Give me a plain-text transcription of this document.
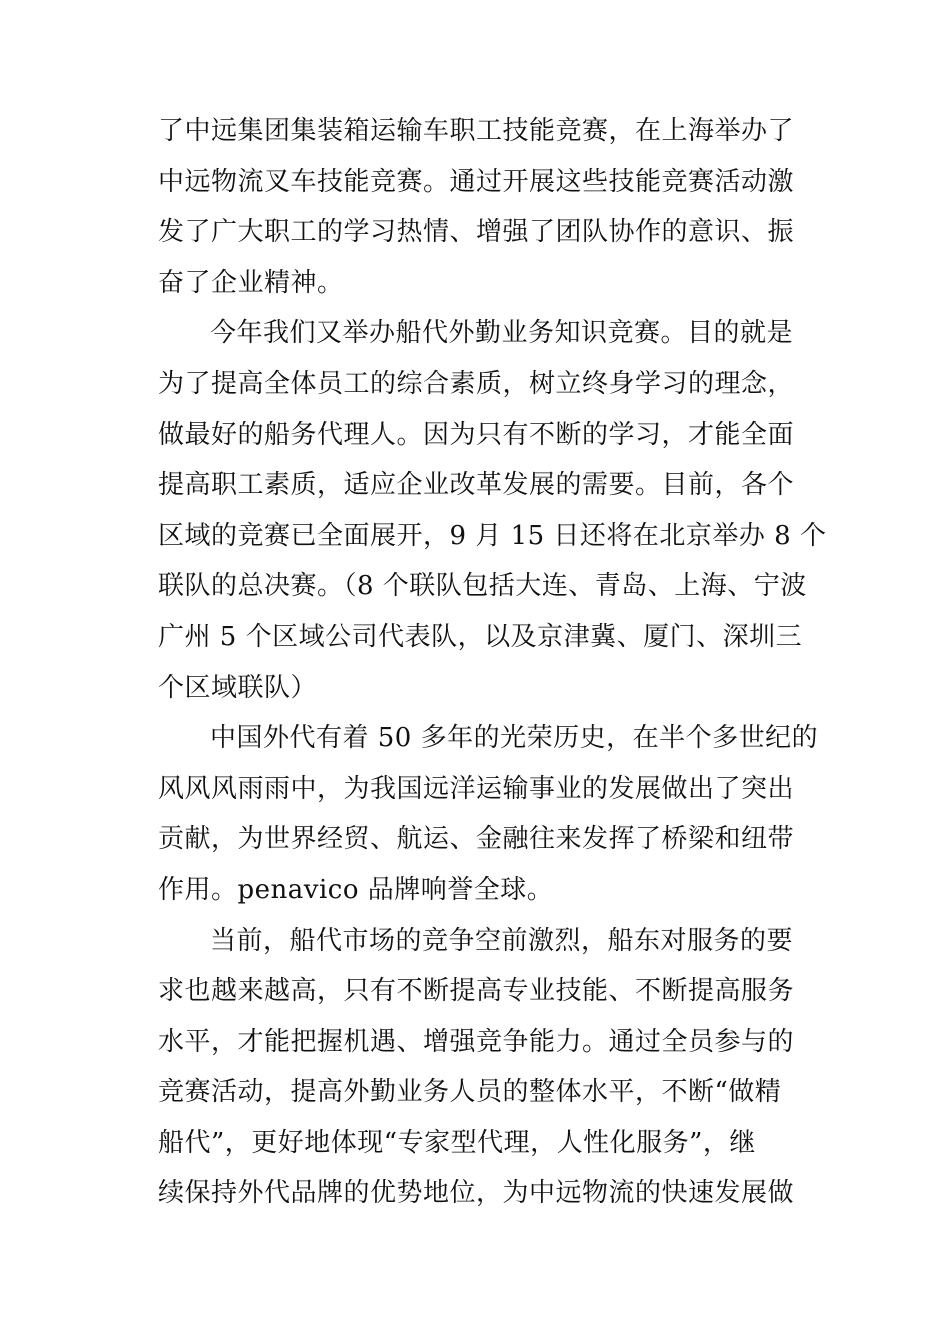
了中远集团集装箱运输车职工技能竞赛，在上海举办了
中远物流叉车技能竞赛。通过开展这些技能竞赛活动激
发了广大职工的学习热情、增强了团队协作的意识、振
奋了企业精神。
今年我们又举办船代外勤业务知识竞赛。目的就是
为了提高全体员工的综合素质，树立终身学习的理念，
做最好的船务代理人。因为只有不断的学习，才能全面
提高职工素质，适应企业改革发展的需要。目前，各个
区域的竞赛已全面展开，9 月 15 日还将在北京举办 8 个
联队的总决赛。（8 个联队包括大连、青岛、上海、宁波
广州 5 个区域公司代表队，以及京津冀、厦门、深圳三
个区域联队）
中国外代有着 50 多年的光荣历史，在半个多世纪的
风风风雨雨中，为我国远洋运输事业的发展做出了突出
贡献，为世界经贸、航运、金融往来发挥了桥梁和纽带
作用。penavico 品牌响誉全球。
当前，船代市场的竞争空前激烈，船东对服务的要
求也越来越高，只有不断提高专业技能、不断提高服务
水平，才能把握机遇、增强竞争能力。通过全员参与的
竞赛活动，提高外勤业务人员的整体水平，不断“做精
船代”，更好地体现“专家型代理，人性化服务”，继
续保持外代品牌的优势地位，为中远物流的快速发展做
